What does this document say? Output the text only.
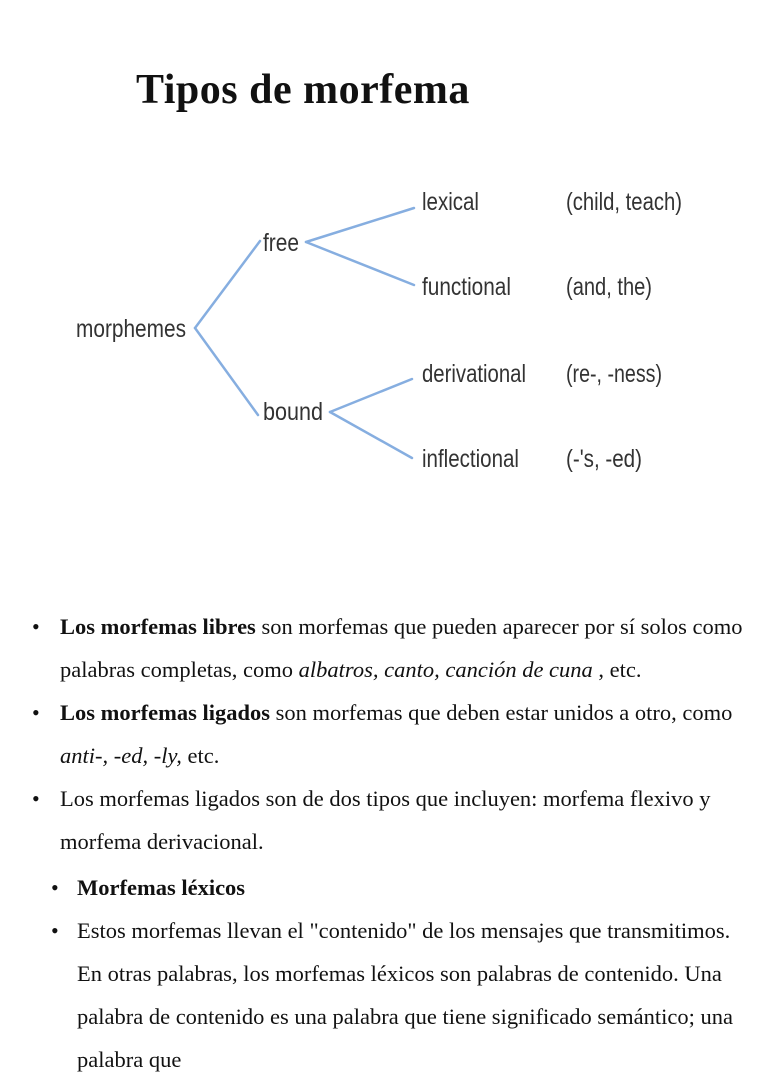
Tipos de morfema
morphemes
free
bound
lexical
functional
derivational
inflectional
(child, teach)
(and, the)
(re-, -ness)
(-'s, -ed)
• Los morfemas libres son morfemas que pueden aparecer por sí solos como palabras completas, como albatros, canto, canción de cuna , etc.
• Los morfemas ligados son morfemas que deben estar unidos a otro, como anti-, -ed, -ly, etc.
• Los morfemas ligados son de dos tipos que incluyen: morfema flexivo y morfema derivacional.
• Morfemas léxicos
• Estos morfemas llevan el "contenido" de los mensajes que transmitimos. En otras palabras, los morfemas léxicos son palabras de contenido. Una palabra de contenido es una palabra que tiene significado semántico; una palabra que
